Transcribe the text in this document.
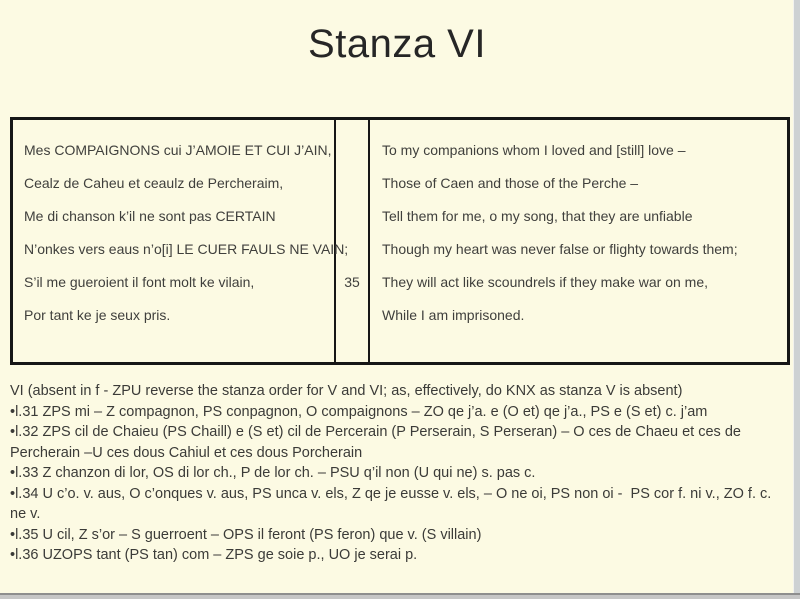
Stanza VI
Mes COMPAIGNONS cui J’AMOIE ET CUI J’AIN,
Cealz de Caheu et ceaulz de Percheraim,
Me di chanson k’il ne sont pas CERTAIN
N’onkes vers eaus n’o[i] LE CUER FAULS NE VAIN;
S’il me gueroient il font molt ke vilain,
Por tant ke je seux pris.
35
To my companions whom I loved and [still] love –
Those of Caen and those of the Perche –
Tell them for me, o my song, that they are unfiable
Though my heart was never false or flighty towards them;
They will act like scoundrels if they make war on me,
While I am imprisoned.
VI (absent in f - ZPU reverse the stanza order for V and VI; as, effectively, do KNX as stanza V is absent)
•l.31 ZPS mi – Z compagnon, PS conpagnon, O compaignons – ZO qe j’a. e (O et) qe j’a., PS e (S et) c. j’am
•l.32 ZPS cil de Chaieu (PS Chaill) e (S et) cil de Percerain (P Perserain, S Perseran) – O ces de Chaeu et ces de Percherain –U ces dous Cahiul et ces dous Porcherain
•l.33 Z chanzon di lor, OS di lor ch., P de lor ch. – PSU q’il non (U qui ne) s. pas c.
•l.34 U c’o. v. aus, O c’onques v. aus, PS unca v. els, Z qe je eusse v. els, – O ne oi, PS non oi -  PS cor f. ni v., ZO f. c. ne v.
•l.35 U cil, Z s’or – S guerroent – OPS il feront (PS feron) que v. (S villain)
•l.36 UZOPS tant (PS tan) com – ZPS ge soie p., UO je serai p.
